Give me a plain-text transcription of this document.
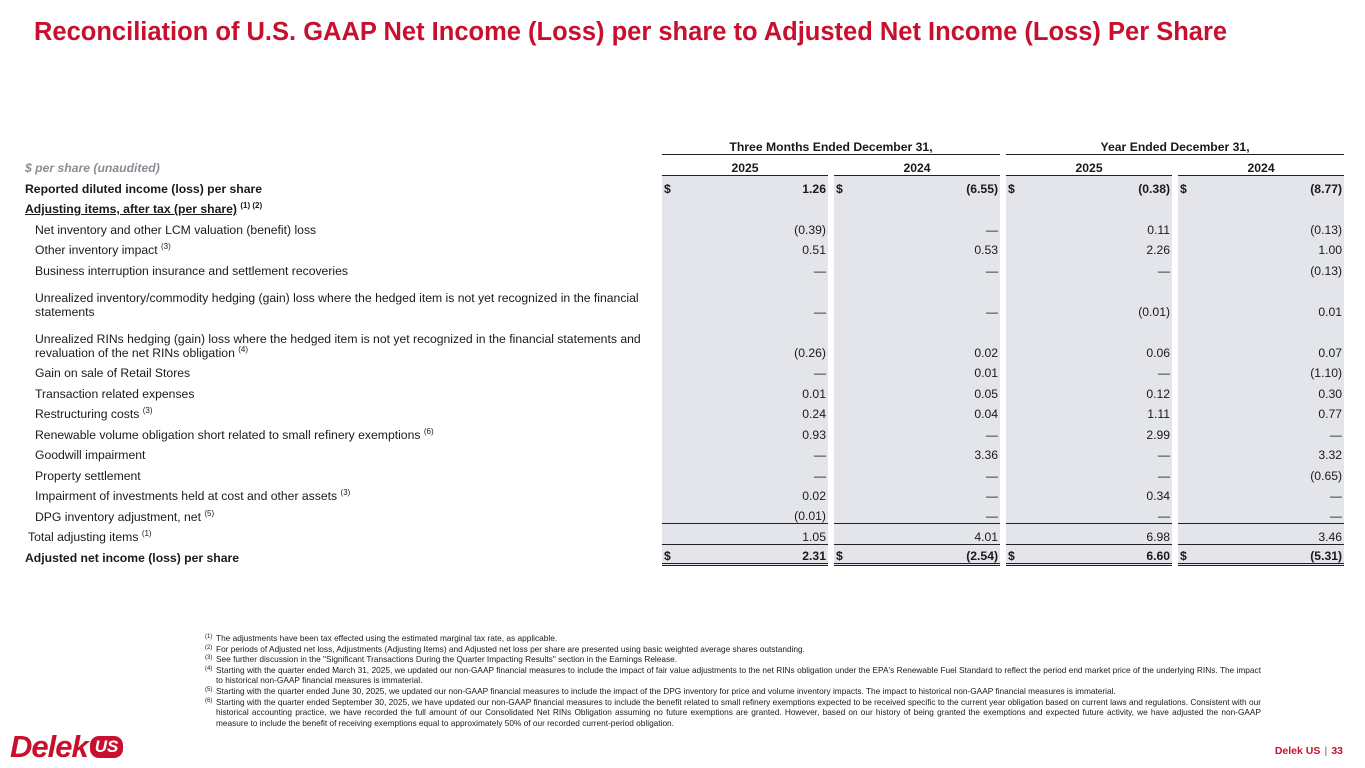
Reconciliation of U.S. GAAP Net Income (Loss) per share to Adjusted Net Income (Loss) Per Share
	Three Months Ended December 31,						Year Ended December 31,				
$ per share (unaudited)	2025			2024			2025			2024	
Reported diluted income (loss) per share	$	1.26		$	(6.55)		$	(0.38)		$	(8.77)
Adjusting items, after tax (per share) $^{(1) (2)}$											
Net inventory and other LCM valuation (benefit) loss		(0.39)			—			0.11			(0.13)
Other inventory impact $^{(3)}$		0.51			0.53			2.26			1.00
Business interruption insurance and settlement recoveries		—			—			—			(0.13)
Unrealized inventory/commodity hedging (gain) loss where the hedged item is not yet recognized in the financial statements		—			—			(0.01)			0.01
Unrealized RINs hedging (gain) loss where the hedged item is not yet recognized in the financial statements and revaluation of the net RINs obligation $^{(4)}$		(0.26)			0.02			0.06			0.07
Gain on sale of Retail Stores		—			0.01			—			(1.10)
Transaction related expenses		0.01			0.05			0.12			0.30
Restructuring costs $^{(3)}$		0.24			0.04			1.11			0.77
Renewable volume obligation short related to small refinery exemptions $^{(6)}$		0.93			—			2.99			—
Goodwill impairment		—			3.36			—			3.32
Property settlement		—			—			—			(0.65)
Impairment of investments held at cost and other assets $^{(3)}$		0.02			—			0.34			—
DPG inventory adjustment, net $^{(5)}$		(0.01)			—			—			—
Total adjusting items $^{(1)}$		1.05			4.01			6.98			3.46
Adjusted net income (loss) per share	$	2.31		$	(2.54)		$	6.60		$	(5.31)
(1) The adjustments have been tax effected using the estimated marginal tax rate, as applicable.
(2) For periods of Adjusted net loss, Adjustments (Adjusting Items) and Adjusted net loss per share are presented using basic weighted average shares outstanding.
(3) See further discussion in the "Significant Transactions During the Quarter Impacting Results" section in the Earnings Release.
(4) Starting with the quarter ended March 31, 2025, we updated our non-GAAP financial measures to include the impact of fair value adjustments to the net RINs obligation under the EPA's Renewable Fuel Standard to reflect the period end market price of the underlying RINs. The impact to historical non-GAAP financial measures is immaterial.
(5) Starting with the quarter ended June 30, 2025, we updated our non-GAAP financial measures to include the impact of the DPG inventory for price and volume inventory impacts. The impact to historical non-GAAP financial measures is immaterial.
(6) Starting with the quarter ended September 30, 2025, we have updated our non-GAAP financial measures to include the benefit related to small refinery exemptions expected to be received specific to the current year obligation based on current laws and regulations. Consistent with our historical accounting practice, we have recorded the full amount of our Consolidated Net RINs Obligation assuming no future exemptions are granted. However, based on our history of being granted the exemptions and expected future activity, we have adjusted the non-GAAP measure to include the benefit of receiving exemptions equal to approximately 50% of our recorded current-period obligation.
Delek US	Delek US | 33
